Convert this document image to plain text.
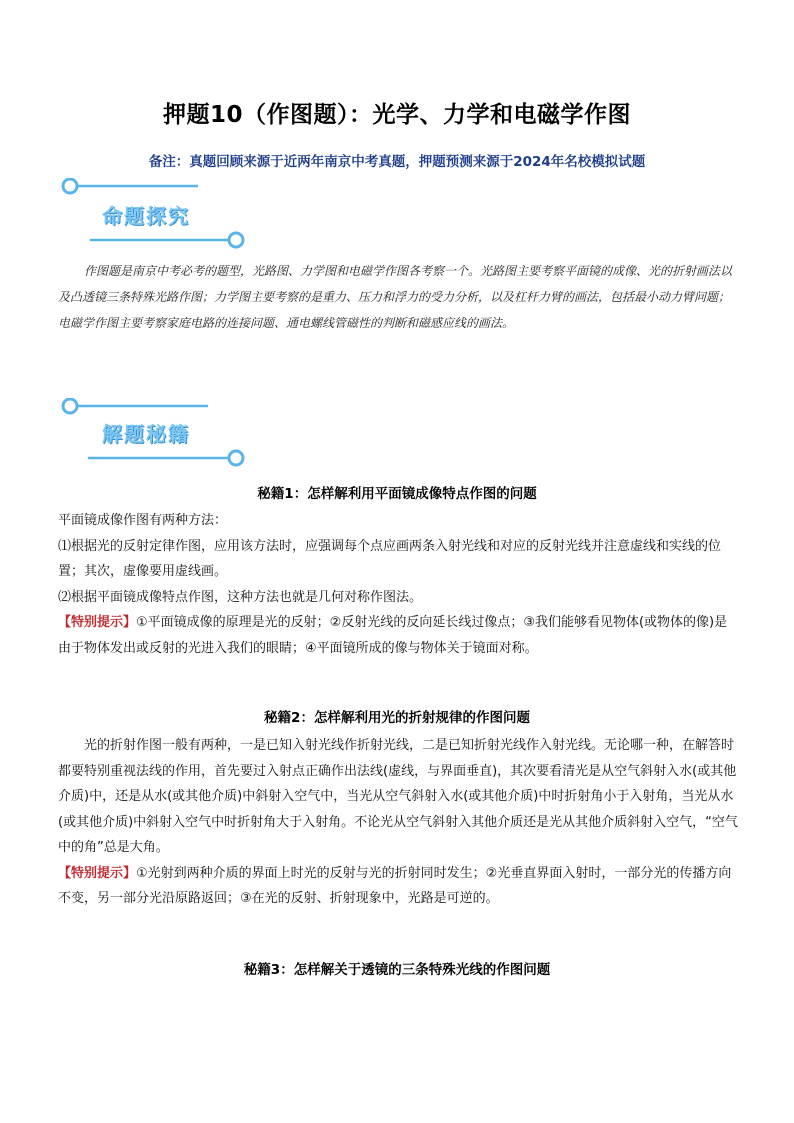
押题10（作图题）：光学、力学和电磁学作图
备注：真题回顾来源于近两年南京中考真题，押题预测来源于2024年名校模拟试题
命题探究

作图题是南京中考必考的题型，光路图、力学图和电磁学作图各考察一个。光路图主要考察平面镜的成像、光的折射画法以及凸透镜三条特殊光路作图；力学图主要考察的是重力、压力和浮力的受力分析，以及杠杆力臂的画法，包括最小动力臂问题；电磁学作图主要考察家庭电路的连接问题、通电螺线管磁性的判断和磁感应线的画法。

解题秘籍
秘籍1：怎样解利用平面镜成像特点作图的问题

平面镜成像作图有两种方法：

⑴根据光的反射定律作图，应用该方法时，应强调每个点应画两条入射光线和对应的反射光线并注意虚线和实线的位置；其次，虚像要用虚线画。

⑵根据平面镜成像特点作图，这种方法也就是几何对称作图法。

【特别提示】①平面镜成像的原理是光的反射；②反射光线的反向延长线过像点；③我们能够看见物体(或物体的像)是由于物体发出或反射的光进入我们的眼睛；④平面镜所成的像与物体关于镜面对称。

秘籍2：怎样解利用光的折射规律的作图问题

光的折射作图一般有两种，一是已知入射光线作折射光线，二是已知折射光线作入射光线。无论哪一种，在解答时都要特别重视法线的作用，首先要过入射点正确作出法线(虚线，与界面垂直)，其次要看清光是从空气斜射入水(或其他介质)中，还是从水(或其他介质)中斜射入空气中，当光从空气斜射入水(或其他介质)中时折射角小于入射角，当光从水(或其他介质)中斜射入空气中时折射角大于入射角。不论光从空气斜射入其他介质还是光从其他介质斜射入空气，“空气中的角”总是大角。

【特别提示】①光射到两种介质的界面上时光的反射与光的折射同时发生；②光垂直界面入射时，一部分光的传播方向不变，另一部分光沿原路返回；③在光的反射、折射现象中，光路是可逆的。

秘籍3：怎样解关于透镜的三条特殊光线的作图问题
